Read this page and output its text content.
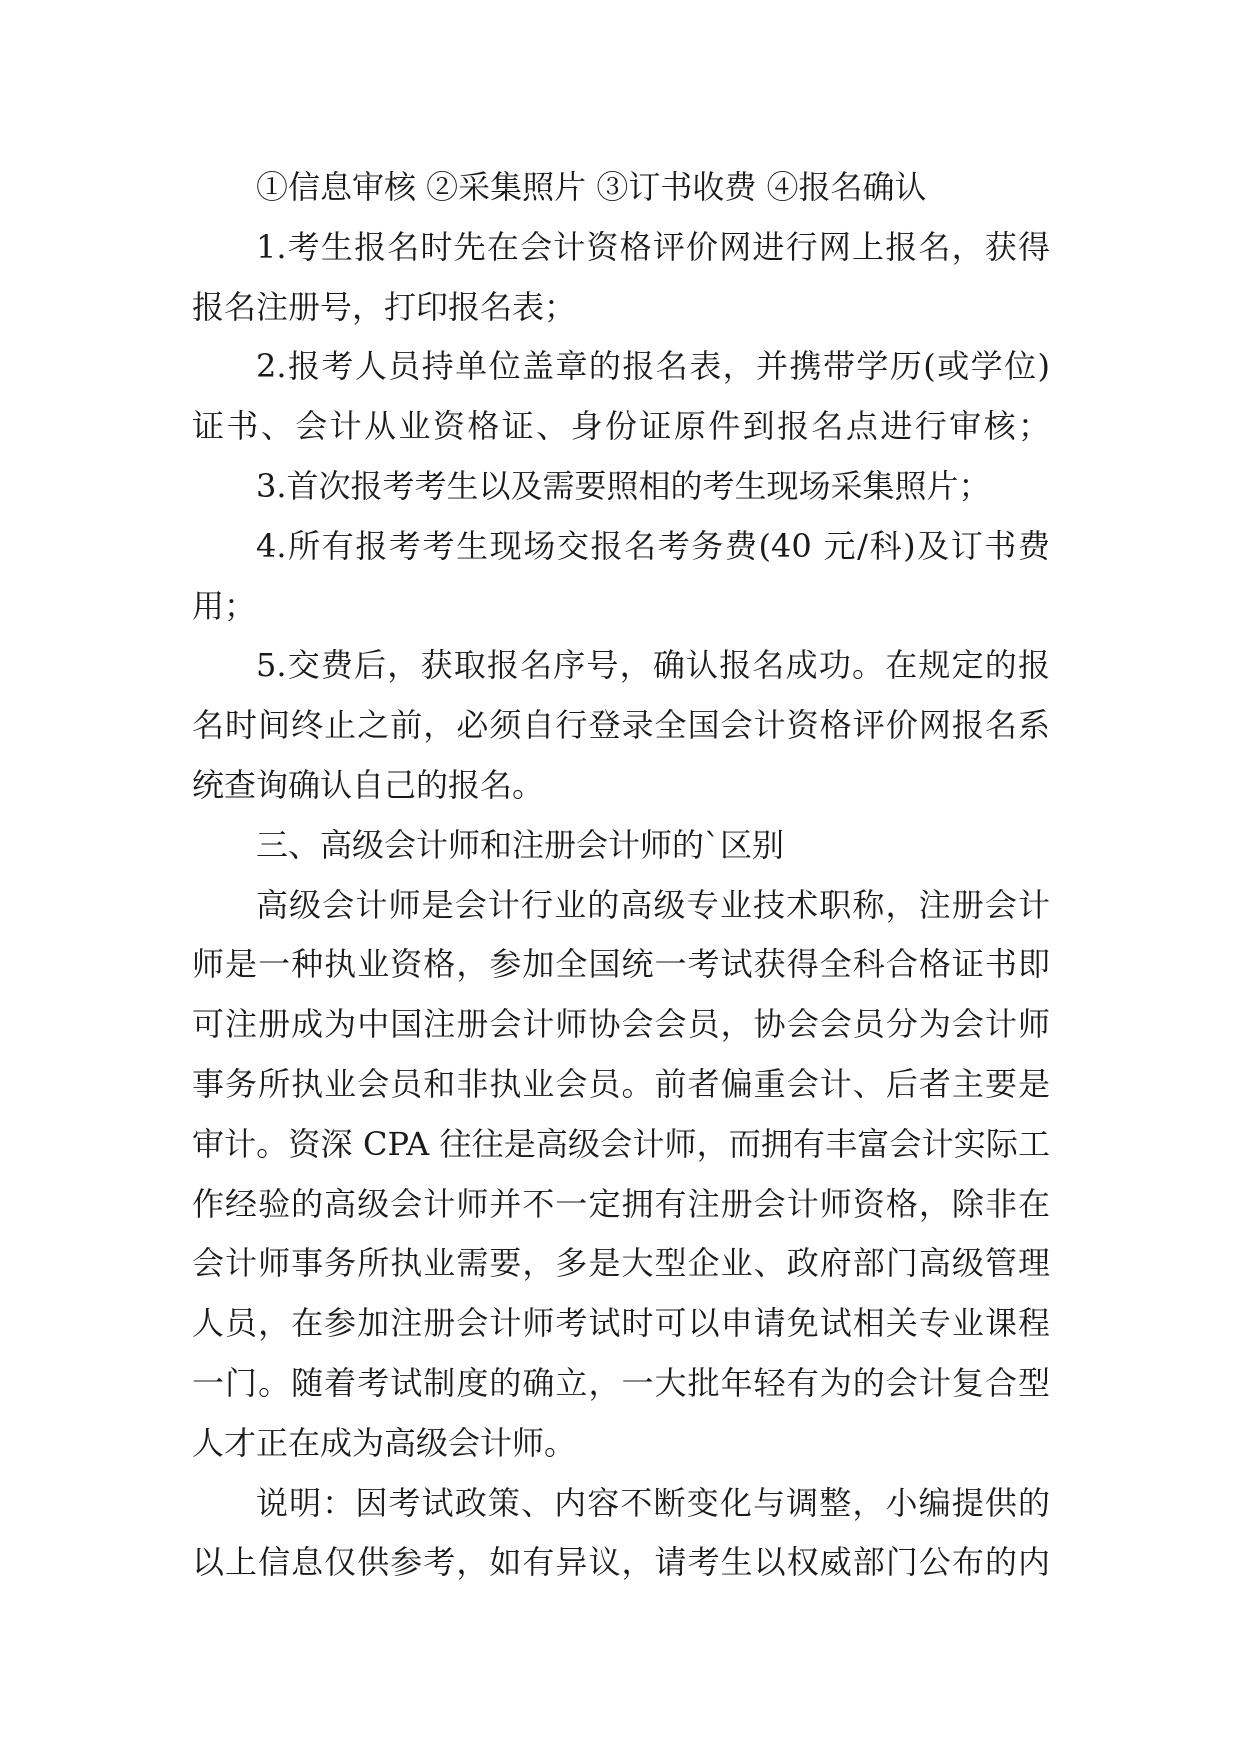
①信息审核 ②采集照片 ③订书收费 ④报名确认
1.考生报名时先在会计资格评价网进行网上报名，获得
报名注册号，打印报名表；
2.报考人员持单位盖章的报名表，并携带学历(或学位)
证书、会计从业资格证、身份证原件到报名点进行审核；
3.首次报考考生以及需要照相的考生现场采集照片；
4.所有报考考生现场交报名考务费(40 元/科)及订书费
用；
5.交费后，获取报名序号，确认报名成功。在规定的报
名时间终止之前，必须自行登录全国会计资格评价网报名系
统查询确认自己的报名。
三、高级会计师和注册会计师的`区别
高级会计师是会计行业的高级专业技术职称，注册会计
师是一种执业资格，参加全国统一考试获得全科合格证书即
可注册成为中国注册会计师协会会员，协会会员分为会计师
事务所执业会员和非执业会员。前者偏重会计、后者主要是
审计。资深 CPA 往往是高级会计师，而拥有丰富会计实际工
作经验的高级会计师并不一定拥有注册会计师资格，除非在
会计师事务所执业需要，多是大型企业、政府部门高级管理
人员，在参加注册会计师考试时可以申请免试相关专业课程
一门。随着考试制度的确立，一大批年轻有为的会计复合型
人才正在成为高级会计师。
说明：因考试政策、内容不断变化与调整，小编提供的
以上信息仅供参考，如有异议，请考生以权威部门公布的内
